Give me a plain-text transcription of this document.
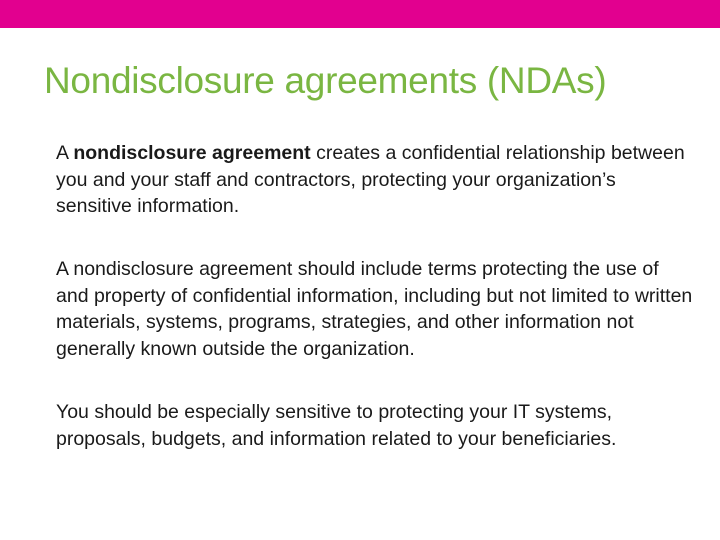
Nondisclosure agreements (NDAs)

A nondisclosure agreement creates a confidential relationship between you and your staff and contractors, protecting your organization’s sensitive information.

A nondisclosure agreement should include terms protecting the use of and property of confidential information, including but not limited to written materials, systems, programs, strategies, and other information not generally known outside the organization.

You should be especially sensitive to protecting your IT systems, proposals, budgets, and information related to your beneficiaries.
